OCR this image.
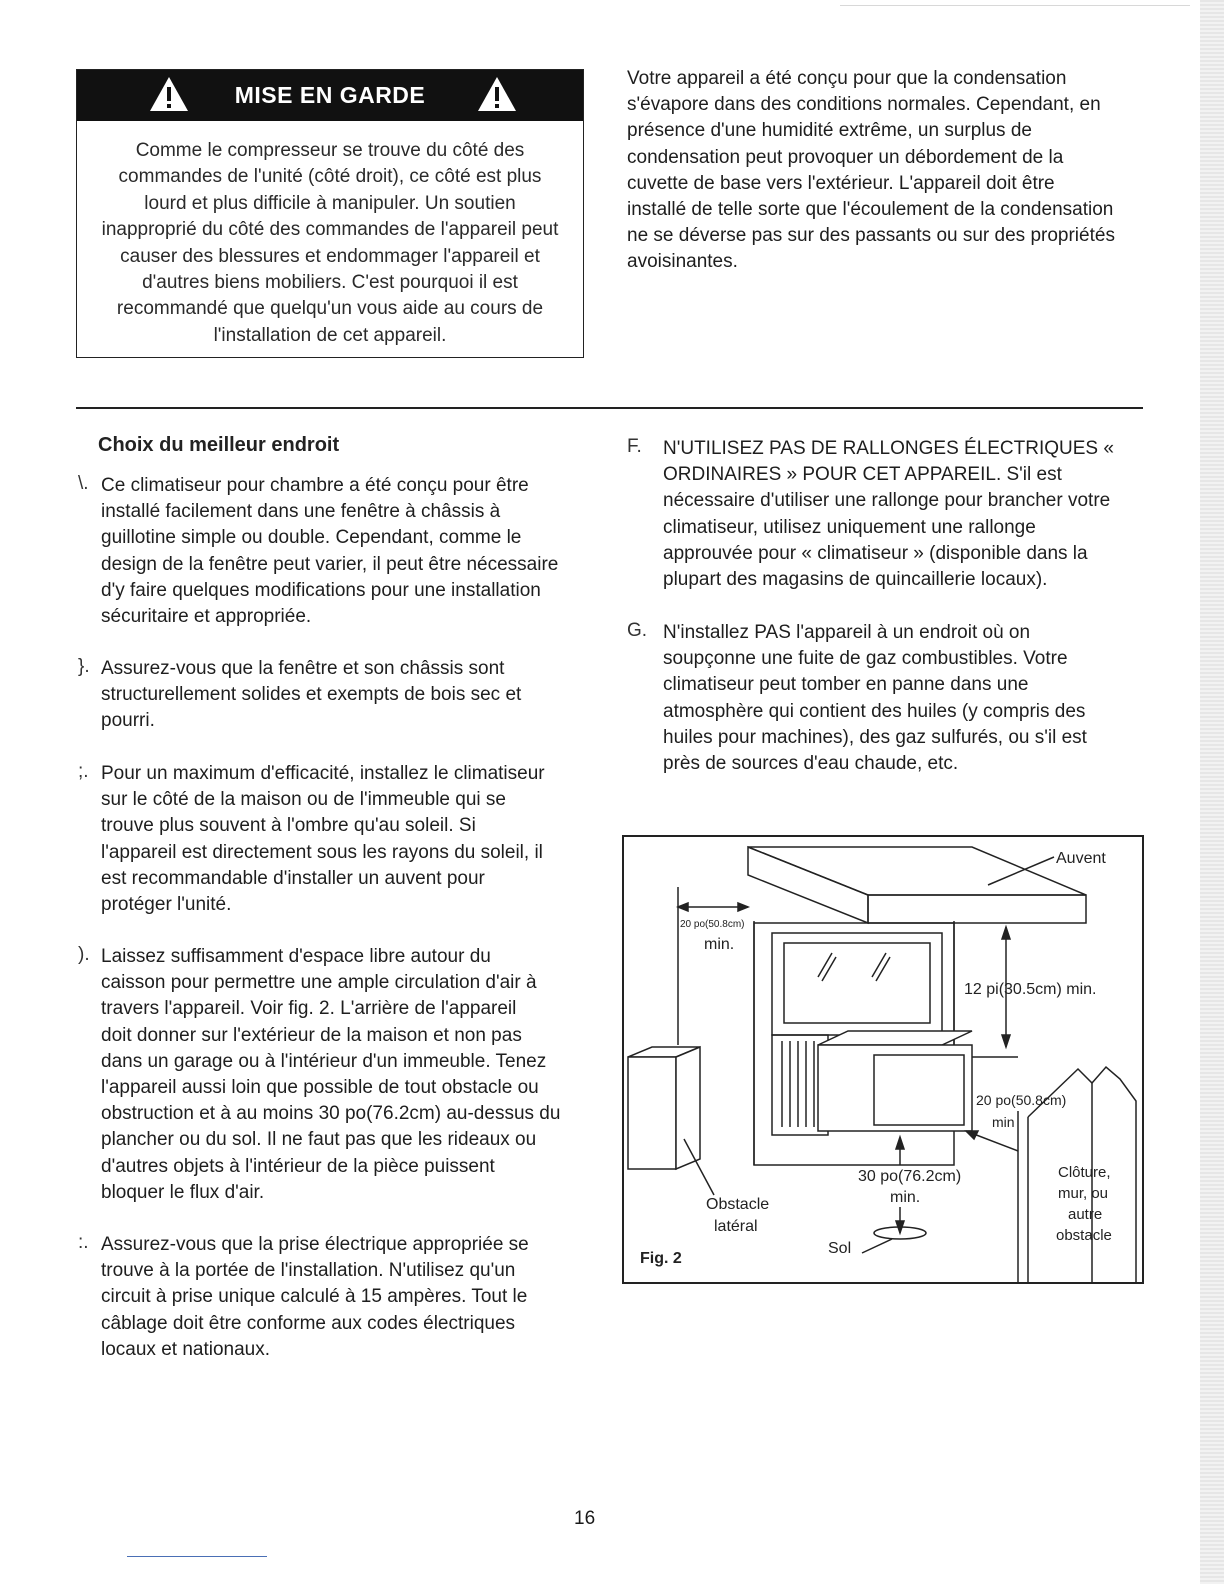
MISE EN GARDE
Comme le compresseur se trouve du côté des
commandes de l'unité (côté droit), ce côté est plus
lourd et plus difficile à manipuler. Un soutien
inapproprié du côté des commandes de l'appareil peut
causer des blessures et endommager l'appareil et
d'autres biens mobiliers. C'est pourquoi il est
recommandé que quelqu'un vous aide au cours de
l'installation de cet appareil.
Votre appareil a été conçu pour que la condensation
s'évapore dans des conditions normales. Cependant, en
présence d'une humidité extrême, un surplus de
condensation peut provoquer un débordement de la
cuvette de base vers l'extérieur. L'appareil doit être
installé de telle sorte que l'écoulement de la condensation
ne se déverse pas sur des passants ou sur des propriétés
avoisinantes.
Choix du meilleur endroit
\. Ce climatiseur pour chambre a été conçu pour être
installé facilement dans une fenêtre à châssis à
guillotine simple ou double. Cependant, comme le
design de la fenêtre peut varier, il peut être nécessaire
d'y faire quelques modifications pour une installation
sécuritaire et appropriée.
}. Assurez-vous que la fenêtre et son châssis sont
structurellement solides et exempts de bois sec et
pourri.
;. Pour un maximum d'efficacité, installez le climatiseur
sur le côté de la maison ou de l'immeuble qui se
trouve plus souvent à l'ombre qu'au soleil. Si
l'appareil est directement sous les rayons du soleil, il
est recommandable d'installer un auvent pour
protéger l'unité.
). Laissez suffisamment d'espace libre autour du
caisson pour permettre une ample circulation d'air à
travers l'appareil. Voir fig. 2. L'arrière de l'appareil
doit donner sur l'extérieur de la maison et non pas
dans un garage ou à l'intérieur d'un immeuble. Tenez
l'appareil aussi loin que possible de tout obstacle ou
obstruction et à au moins 30 po(76.2cm) au-dessus du
plancher ou du sol. Il ne faut pas que les rideaux ou
d'autres objets à l'intérieur de la pièce puissent
bloquer le flux d'air.
:. Assurez-vous que la prise électrique appropriée se
trouve à la portée de l'installation. N'utilisez qu'un
circuit à prise unique calculé à 15 ampères. Tout le
câblage doit être conforme aux codes électriques
locaux et nationaux.
F. N'UTILISEZ PAS DE RALLONGES ÉLECTRIQUES «
ORDINAIRES » POUR CET APPAREIL. S'il est
nécessaire d'utiliser une rallonge pour brancher votre
climatiseur, utilisez uniquement une rallonge
approuvée pour « climatiseur » (disponible dans la
plupart des magasins de quincaillerie locaux).
G. N'installez PAS l'appareil à un endroit où on
soupçonne une fuite de gaz combustibles. Votre
climatiseur peut tomber en panne dans une
atmosphère qui contient des huiles (y compris des
huiles pour machines), des gaz sulfurés, ou s'il est
près de sources d'eau chaude, etc.
Auvent
20 po(50.8cm)
min.
12 pi(30.5cm) min.
20 po(50.8cm)
min
30 po(76.2cm)
min.
Obstacle
latéral
Sol
Clôture,
mur, ou
autre
obstacle
Fig. 2
16
